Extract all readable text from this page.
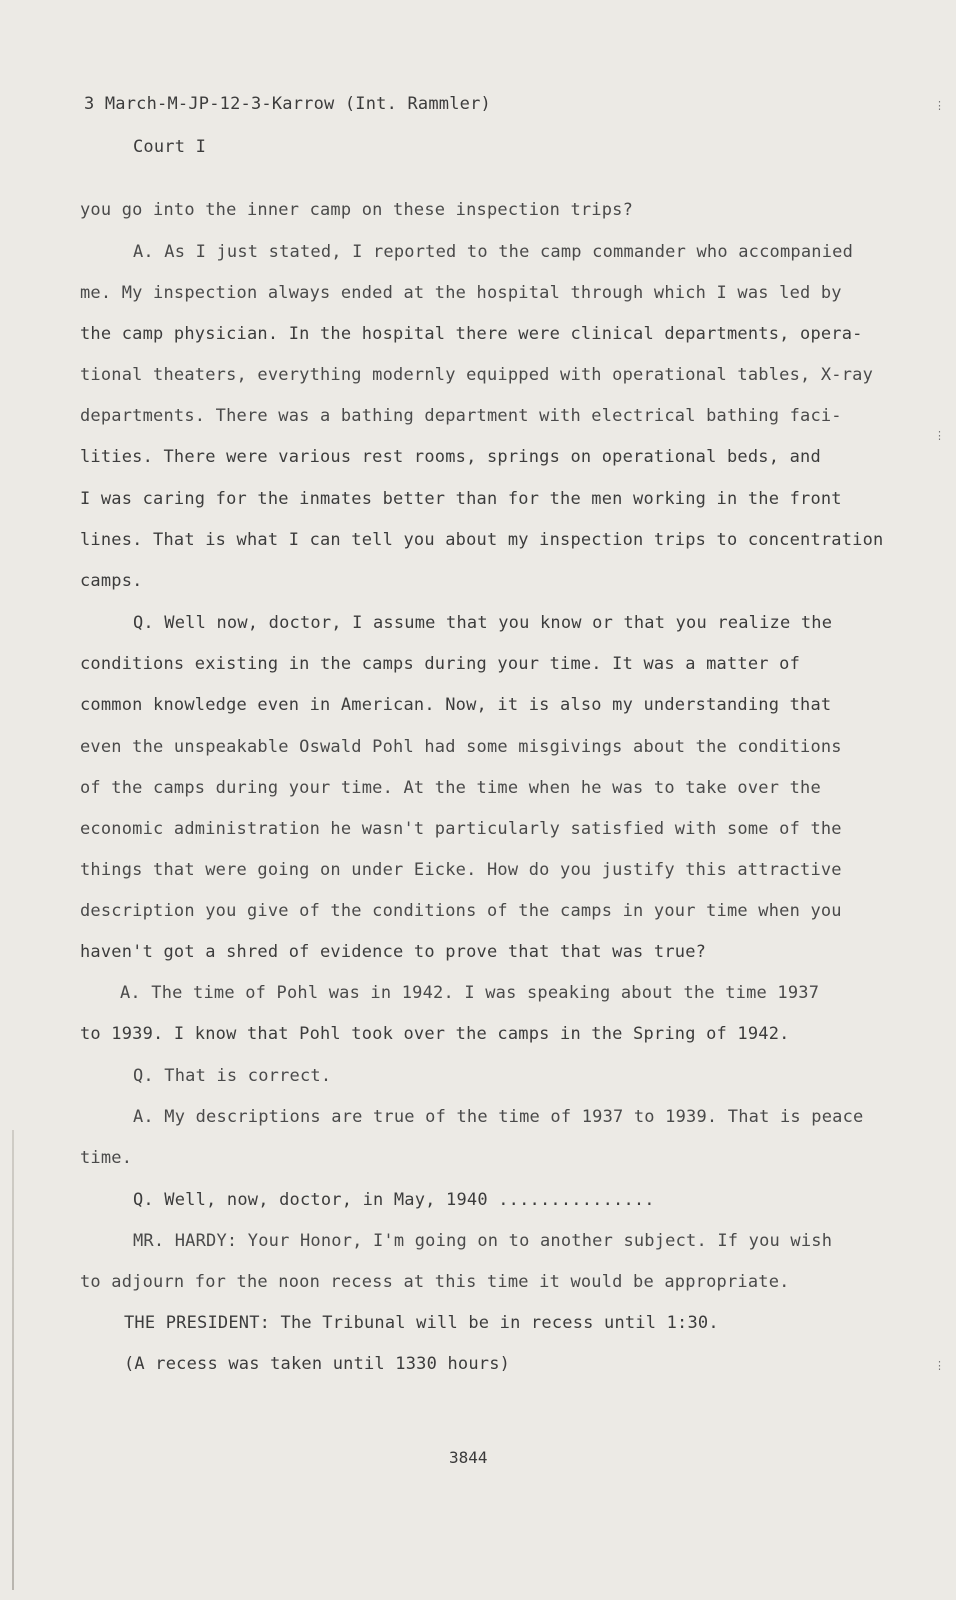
3 March-M-JP-12-3-Karrow (Int. Rammler)
Court I
you go into the inner camp on these inspection trips?
A. As I just stated, I reported to the camp commander who accompanied
me. My inspection always ended at the hospital through which I was led by
the camp physician. In the hospital there were clinical departments, opera-
tional theaters, everything modernly equipped with operational tables, X-ray
departments. There was a bathing department with electrical bathing faci-
lities. There were various rest rooms, springs on operational beds, and
I was caring for the inmates better than for the men working in the front
lines. That is what I can tell you about my inspection trips to concentration
camps.
Q. Well now, doctor, I assume that you know or that you realize the
conditions existing in the camps during your time. It was a matter of
common knowledge even in American. Now, it is also my understanding that
even the unspeakable Oswald Pohl had some misgivings about the conditions
of the camps during your time. At the time when he was to take over the
economic administration he wasn't particularly satisfied with some of the
things that were going on under Eicke. How do you justify this attractive
description you give of the conditions of the camps in your time when you
haven't got a shred of evidence to prove that that was true?
A. The time of Pohl was in 1942. I was speaking about the time 1937
to 1939. I know that Pohl took over the camps in the Spring of 1942.
Q. That is correct.
A. My descriptions are true of the time of 1937 to 1939. That is peace
time.
Q. Well, now, doctor, in May, 1940 ...............
MR. HARDY: Your Honor, I'm going on to another subject. If you wish
to adjourn for the noon recess at this time it would be appropriate.
THE PRESIDENT: The Tribunal will be in recess until 1:30.
(A recess was taken until 1330 hours)
3844
⋮
⋮
⋮
